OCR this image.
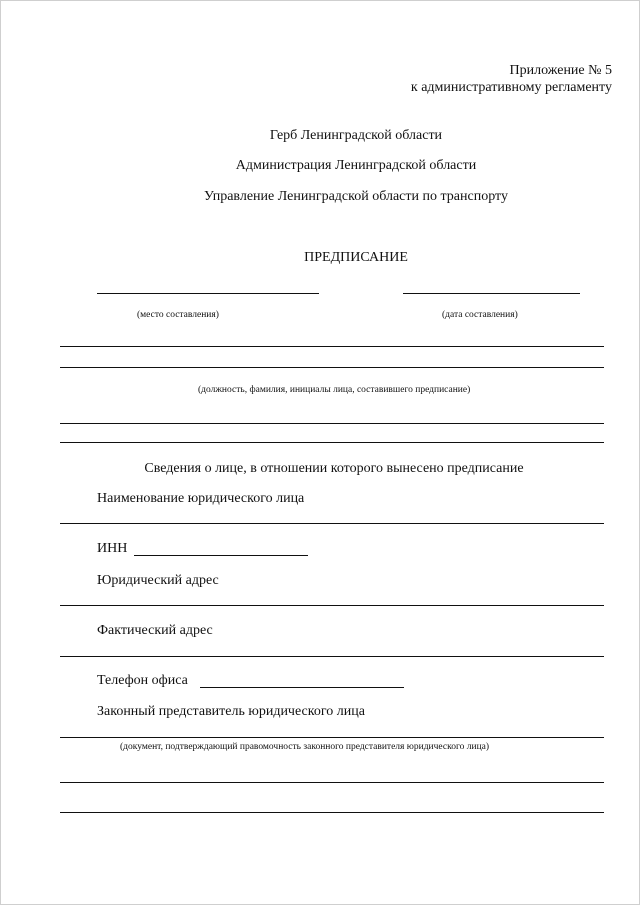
Приложение № 5
к административному регламенту
Герб Ленинградской области
Администрация Ленинградской области
Управление Ленинградской области по транспорту
ПРЕДПИСАНИЕ
(место составления)	(дата составления)
(должность, фамилия, инициалы лица, составившего предписание)
Сведения о лице, в отношении которого вынесено предписание
Наименование юридического лица
ИНН
Юридический адрес
Фактический адрес
Телефон офиса
Законный представитель юридического лица
(документ, подтверждающий правомочность законного представителя юридического лица)
